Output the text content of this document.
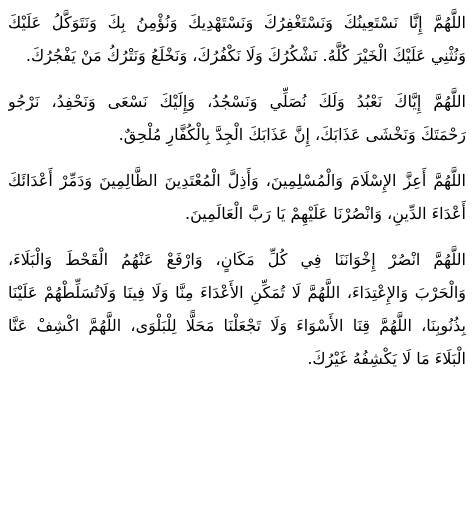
اللَّهُمَّ إِنَّا نَسْتَعِينُكَ وَنَسْتَغْفِرُكَ وَنَسْتَهْدِيكَ وَنُؤْمِنُ بِكَ وَنَتَوَكَّلُ عَلَيْكَ
وَنُثْنِي عَلَيْكَ الْخَيْرَ كُلَّهُ. نَشْكُرُكَ وَلَا نَكْفُرُكَ، وَنَخْلَعُ وَنَتْرُكُ مَنْ يَفْجُرُكَ.
اللَّهُمَّ إِيَّاكَ نَعْبُدُ وَلَكَ نُصَلِّي وَنَسْجُدُ، وَإِلَيْكَ نَسْعَى وَنَحْفِدُ، نَرْجُو
رَحْمَتَكَ وَنَخْشَى عَذَابَكَ، إِنَّ عَذَابَكَ الْجِدَّ بِالْكُفَّارِ مُلْحِقٌ.
اللَّهُمَّ أَعِزَّ الإِسْلَامَ وَالْمُسْلِمِينَ، وَأَذِلَّ الْمُعْتَدِينَ الظَّالِمِينَ وَدَمِّرْ أَعْدَائَكَ
أَعْدَاءَ الدِّينِ، وَانْصُرْنَا عَلَيْهِمْ يَا رَبَّ الْعَالَمِينَ.
اللَّهُمَّ انْصُرْ إِخْوَانَنَا فِي كُلِّ مَكَانٍ، وَارْفَعْ عَنْهُمُ الْقَحْطَ وَالْبَلَاءَ،
وَالْحَرْبَ وَالإِعْتِدَاءَ، اللَّهُمَّ لَا تُمَكِّنِ الأَعْدَاءَ مِنَّا وَلَا فِينَا وَلَاتُسَلِّطْهُمْ عَلَيْنَا
بِذُنُوبِنَا، اللَّهُمَّ قِنَا الأَسْوَاءَ وَلَا تَجْعَلْنَا مَحَلًّا لِلْبَلْوَى، اللَّهُمَّ اكْشِفْ عَنَّا
الْبَلَاءَ مَا لَا يَكْشِفُهُ غَيْرُكَ.
